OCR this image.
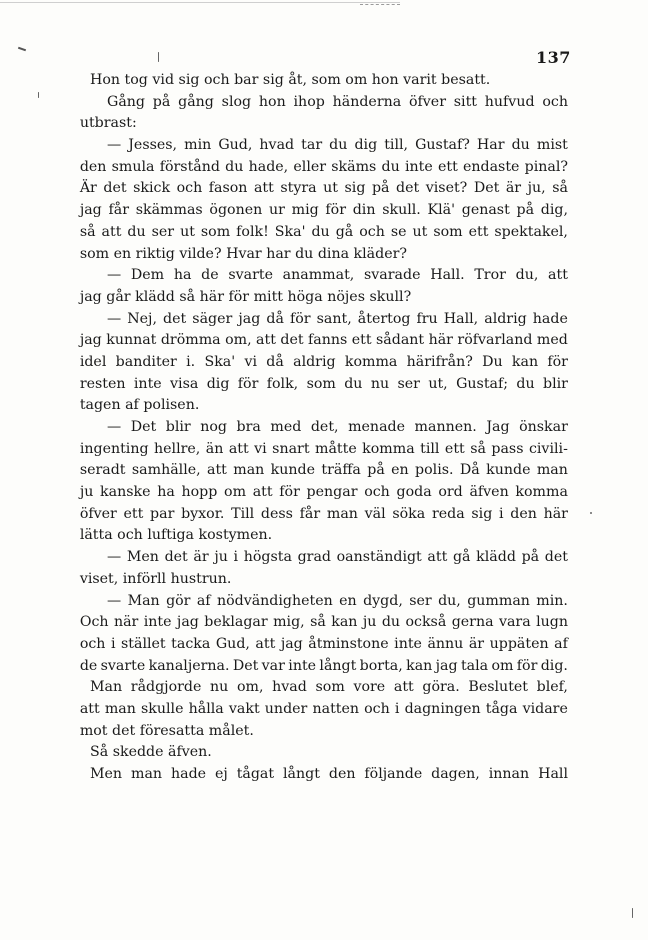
137
Hon tog vid sig och bar sig åt, som om hon varit besatt.
Gång på gång slog hon ihop händerna öfver sitt hufvud och
utbrast:
— Jesses, min Gud, hvad tar du dig till, Gustaf? Har du mist
den smula förstånd du hade, eller skäms du inte ett endaste pinal?
Är det skick och fason att styra ut sig på det viset? Det är ju, så
jag får skämmas ögonen ur mig för din skull. Klä' genast på dig,
så att du ser ut som folk! Ska' du gå och se ut som ett spektakel,
som en riktig vilde? Hvar har du dina kläder?
— Dem ha de svarte anammat, svarade Hall. Tror du, att
jag går klädd så här för mitt höga nöjes skull?
— Nej, det säger jag då för sant, återtog fru Hall, aldrig hade
jag kunnat drömma om, att det fanns ett sådant här röfvarland med
idel banditer i. Ska' vi då aldrig komma härifrån? Du kan för
resten inte visa dig för folk, som du nu ser ut, Gustaf; du blir
tagen af polisen.
— Det blir nog bra med det, menade mannen. Jag önskar
ingenting hellre, än att vi snart måtte komma till ett så pass civili-
seradt samhälle, att man kunde träffa på en polis. Då kunde man
ju kanske ha hopp om att för pengar och goda ord äfven komma
öfver ett par byxor. Till dess får man väl söka reda sig i den här
lätta och luftiga kostymen.
— Men det är ju i högsta grad oanständigt att gå klädd på det
viset, införll hustrun.
— Man gör af nödvändigheten en dygd, ser du, gumman min.
Och när inte jag beklagar mig, så kan ju du också gerna vara lugn
och i stället tacka Gud, att jag åtminstone inte ännu är uppäten af
de svarte kanaljerna. Det var inte långt borta, kan jag tala om för dig.
Man rådgjorde nu om, hvad som vore att göra. Beslutet blef,
att man skulle hålla vakt under natten och i dagningen tåga vidare
mot det föresatta målet.
Så skedde äfven.
Men man hade ej tågat långt den följande dagen, innan Hall
